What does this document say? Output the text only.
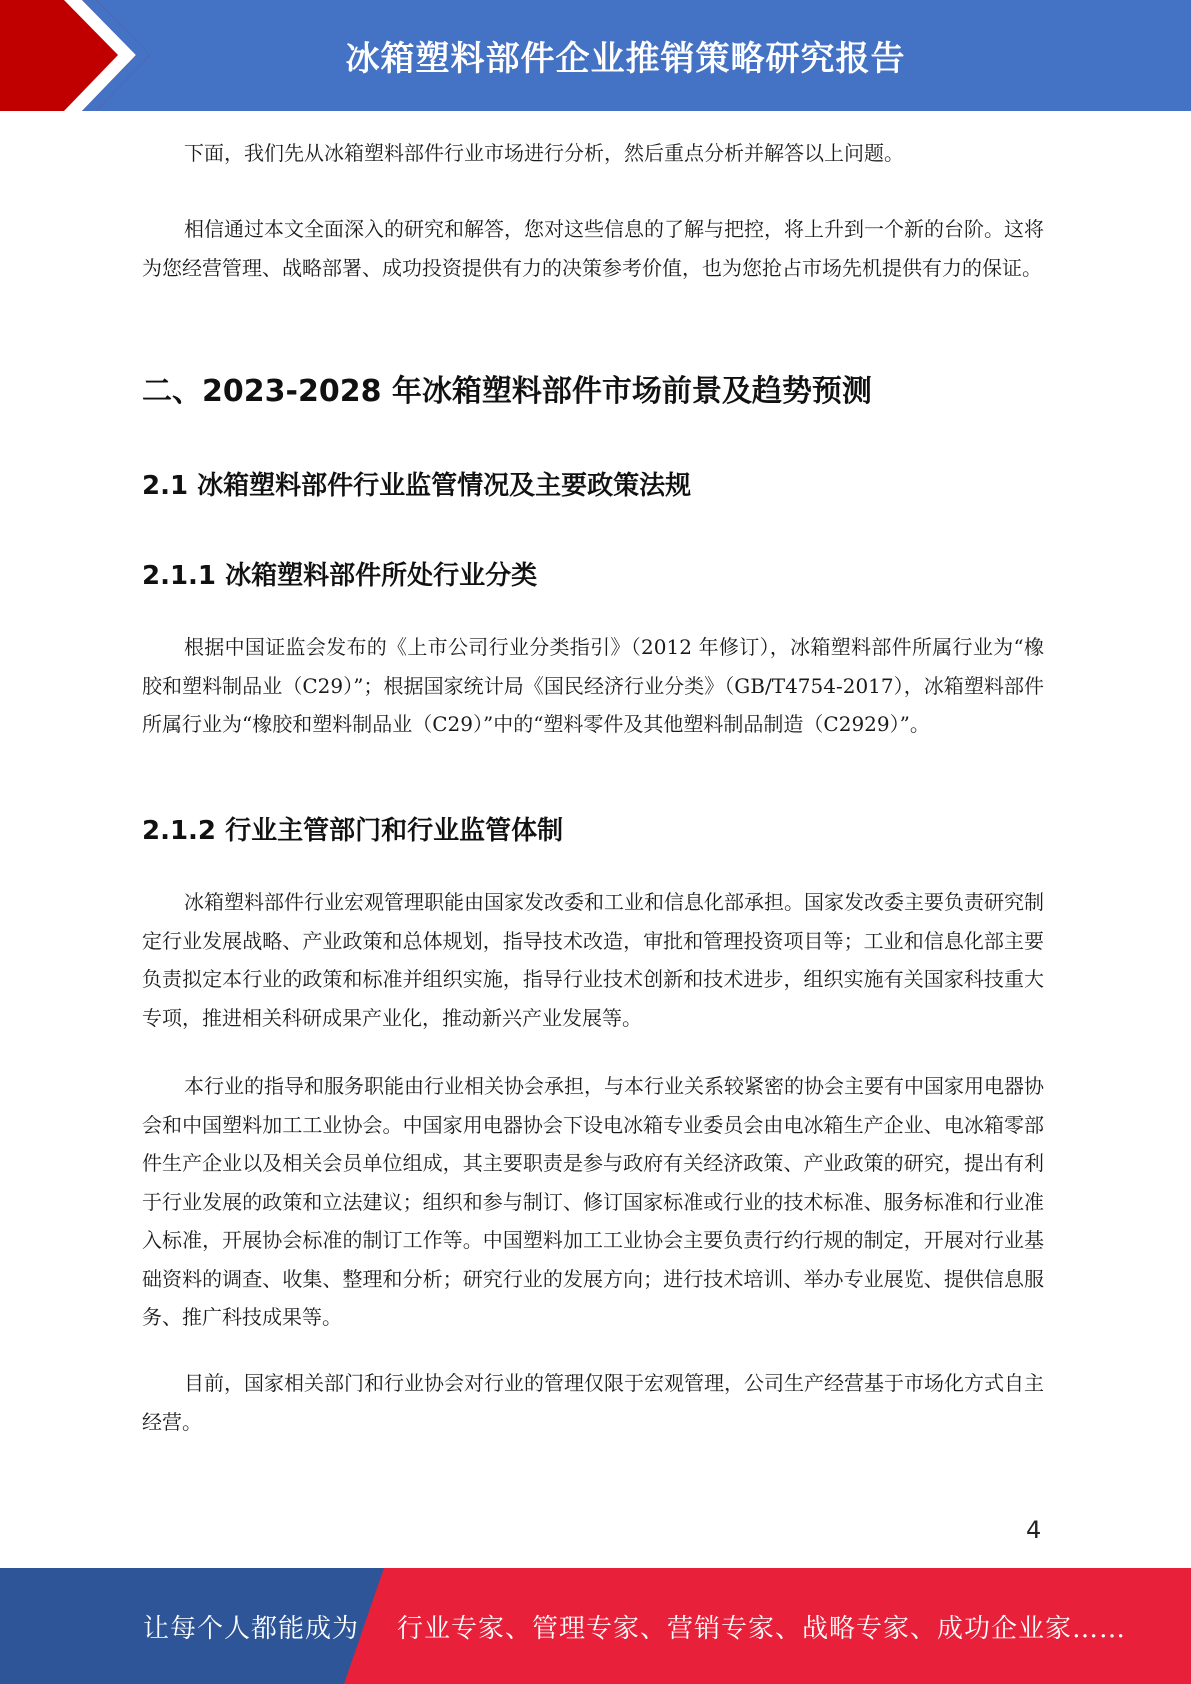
冰箱塑料部件企业推销策略研究报告

下面，我们先从冰箱塑料部件行业市场进行分析，然后重点分析并解答以上问题。

相信通过本文全面深入的研究和解答，您对这些信息的了解与把控，将上升到一个新的台阶。这将为您经营管理、战略部署、成功投资提供有力的决策参考价值，也为您抢占市场先机提供有力的保证。

二、2023-2028 年冰箱塑料部件市场前景及趋势预测
2.1 冰箱塑料部件行业监管情况及主要政策法规
2.1.1 冰箱塑料部件所处行业分类

根据中国证监会发布的《上市公司行业分类指引》（2012 年修订），冰箱塑料部件所属行业为“橡胶和塑料制品业（C29）”；根据国家统计局《国民经济行业分类》（GB/T4754-2017），冰箱塑料部件所属行业为“橡胶和塑料制品业（C29）”中的“塑料零件及其他塑料制品制造（C2929）”。

2.1.2 行业主管部门和行业监管体制

冰箱塑料部件行业宏观管理职能由国家发改委和工业和信息化部承担。国家发改委主要负责研究制定行业发展战略、产业政策和总体规划，指导技术改造，审批和管理投资项目等；工业和信息化部主要负责拟定本行业的政策和标准并组织实施，指导行业技术创新和技术进步，组织实施有关国家科技重大专项，推进相关科研成果产业化，推动新兴产业发展等。

本行业的指导和服务职能由行业相关协会承担，与本行业关系较紧密的协会主要有中国家用电器协会和中国塑料加工工业协会。中国家用电器协会下设电冰箱专业委员会由电冰箱生产企业、电冰箱零部件生产企业以及相关会员单位组成，其主要职责是参与政府有关经济政策、产业政策的研究，提出有利于行业发展的政策和立法建议；组织和参与制订、修订国家标准或行业的技术标准、服务标准和行业准入标准，开展协会标准的制订工作等。中国塑料加工工业协会主要负责行约行规的制定，开展对行业基础资料的调查、收集、整理和分析；研究行业的发展方向；进行技术培训、举办专业展览、提供信息服务、推广科技成果等。

目前，国家相关部门和行业协会对行业的管理仅限于宏观管理，公司生产经营基于市场化方式自主经营。

4
让每个人都能成为 行业专家、管理专家、营销专家、战略专家、成功企业家……
